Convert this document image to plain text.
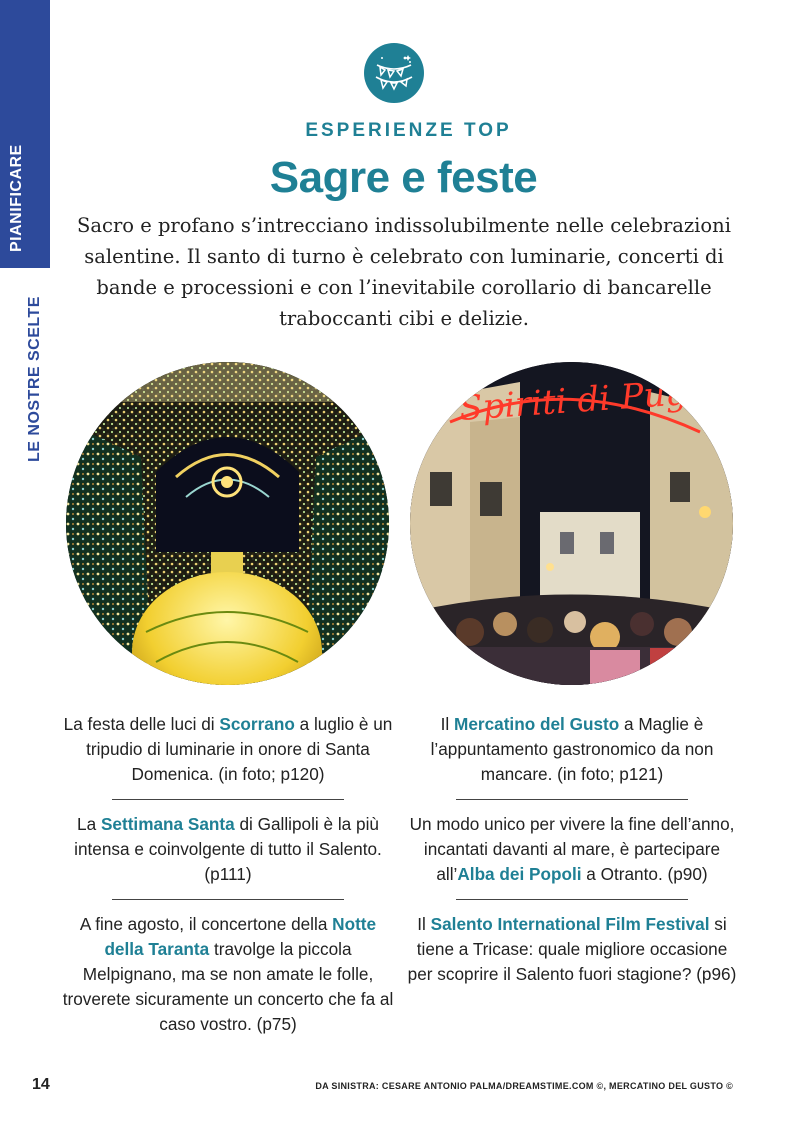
PIANIFICARE
LE NOSTRE SCELTE
ESPERIENZE TOP
Sagre e feste

Sacro e profano s’intrecciano indissolubilmente nelle celebrazioni salentine. Il santo di turno è celebrato con luminarie, concerti di bande e processioni e con l’inevitabile corollario di bancarelle traboccanti cibi e delizie.

Spiriti di Puglia

La festa delle luci di Scorrano a luglio è un tripudio di luminarie in onore di Santa Domenica. (in foto; p120)

La Settimana Santa di Gallipoli è la più intensa e coinvolgente di tutto il Salento. (p111)

A fine agosto, il concertone della Notte della Taranta travolge la piccola Melpignano, ma se non amate le folle, troverete sicuramente un concerto che fa al caso vostro. (p75)

Il Mercatino del Gusto a Maglie è l’appuntamento gastronomico da non mancare. (in foto; p121)

Un modo unico per vivere la fine dell’anno, incantati davanti al mare, è partecipare all’Alba dei Popoli a Otranto. (p90)

Il Salento International Film Festival si tiene a Tricase: quale migliore occasione per scoprire il Salento fuori stagione? (p96)

14	DA SINISTRA: CESARE ANTONIO PALMA/DREAMSTIME.COM ©, MERCATINO DEL GUSTO ©
